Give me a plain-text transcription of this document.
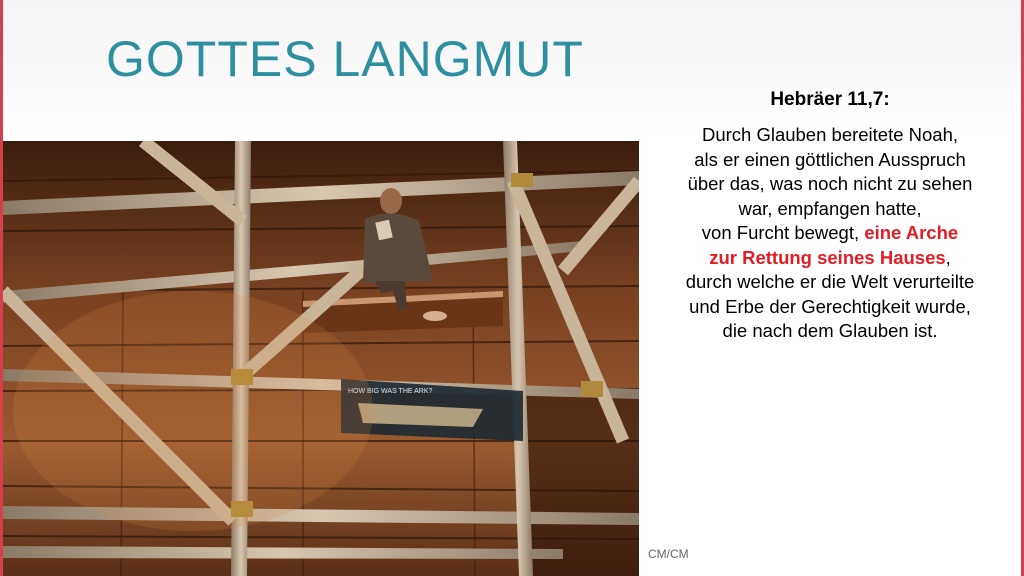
GOTTES LANGMUT
HOW BIG WAS THE ARK?
Hebräer 11,7:
Durch Glauben bereitete Noah,
als er einen göttlichen Ausspruch
über das, was noch nicht zu sehen
war, empfangen hatte,
von Furcht bewegt, eine Arche
zur Rettung seines Hauses,
durch welche er die Welt verurteilte
und Erbe der Gerechtigkeit wurde,
die nach dem Glauben ist.
CM/CM
